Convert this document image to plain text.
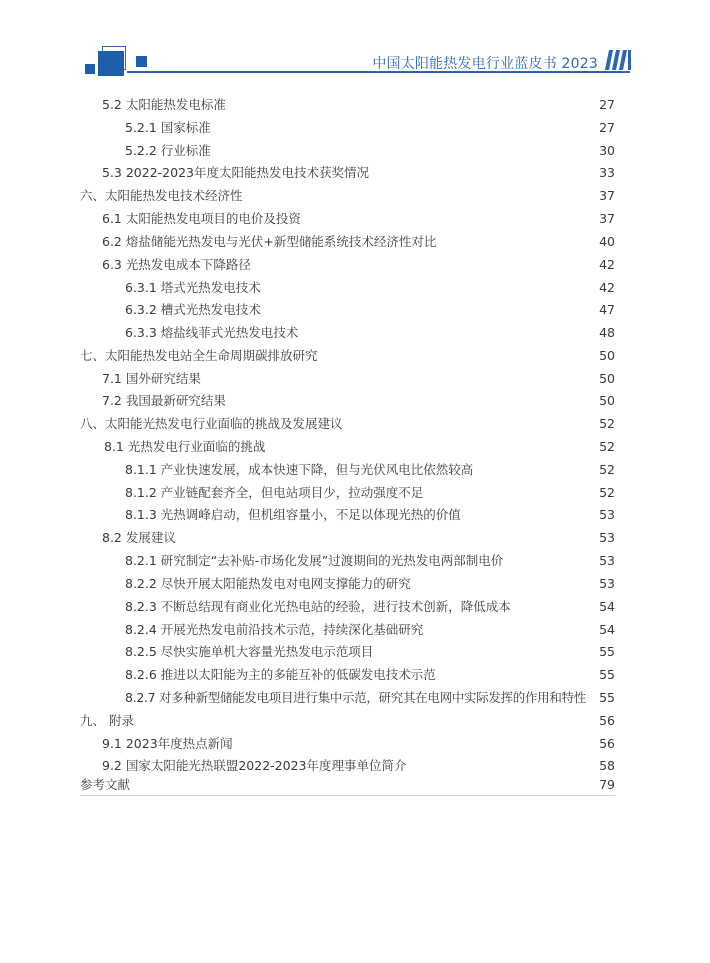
中国太阳能热发电行业蓝皮书 2023
5.2 太阳能热发电标准	27
5.2.1 国家标准	27
5.2.2 行业标准	30
5.3 2022-2023年度太阳能热发电技术获奖情况	33
六、太阳能热发电技术经济性	37
6.1 太阳能热发电项目的电价及投资	37
6.2 熔盐储能光热发电与光伏+新型储能系统技术经济性对比	40
6.3 光热发电成本下降路径	42
6.3.1 塔式光热发电技术	42
6.3.2 槽式光热发电技术	47
6.3.3 熔盐线菲式光热发电技术	48
七、太阳能热发电站全生命周期碳排放研究	50
7.1 国外研究结果	50
7.2 我国最新研究结果	50
八、太阳能光热发电行业面临的挑战及发展建议	52
8.1 光热发电行业面临的挑战	52
8.1.1 产业快速发展，成本快速下降，但与光伏风电比依然较高	52
8.1.2 产业链配套齐全，但电站项目少，拉动强度不足	52
8.1.3 光热调峰启动，但机组容量小，不足以体现光热的价值	53
8.2 发展建议	53
8.2.1 研究制定“去补贴-市场化发展”过渡期间的光热发电两部制电价	53
8.2.2 尽快开展太阳能热发电对电网支撑能力的研究	53
8.2.3 不断总结现有商业化光热电站的经验，进行技术创新，降低成本	54
8.2.4 开展光热发电前沿技术示范，持续深化基础研究	54
8.2.5 尽快实施单机大容量光热发电示范项目	55
8.2.6 推进以太阳能为主的多能互补的低碳发电技术示范	55
8.2.7 对多种新型储能发电项目进行集中示范，研究其在电网中实际发挥的作用和特性	55
九、 附录	56
9.1 2023年度热点新闻	56
9.2 国家太阳能光热联盟2022-2023年度理事单位简介	58
参考文献	79
